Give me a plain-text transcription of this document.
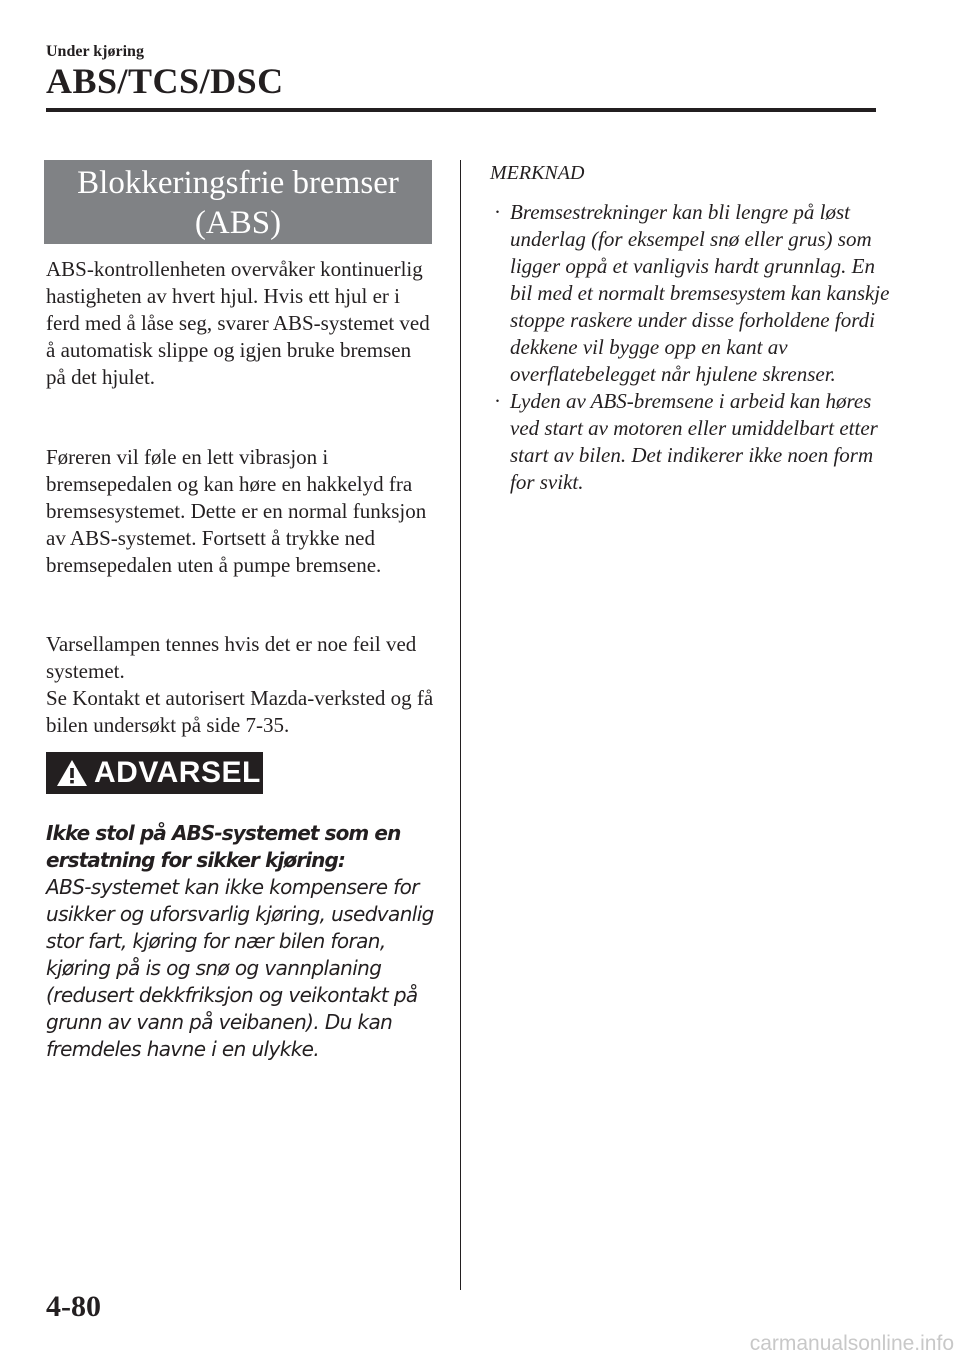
Under kjøring
ABS/TCS/DSC
Blokkeringsfrie bremser
(ABS)
ABS-kontrollenheten overvåker kontinuerlig hastigheten av hvert hjul. Hvis ett hjul er i ferd med å låse seg, svarer ABS-systemet ved å automatisk slippe og igjen bruke bremsen på det hjulet.
Føreren vil føle en lett vibrasjon i bremsepedalen og kan høre en hakkelyd fra bremsesystemet. Dette er en normal funksjon av ABS-systemet. Fortsett å trykke ned bremsepedalen uten å pumpe bremsene.
Varsellampen tennes hvis det er noe feil ved systemet.
Se Kontakt et autorisert Mazda-verksted og få bilen undersøkt på side 7-35.
ADVARSEL
Ikke stol på ABS-systemet som en erstatning for sikker kjøring:
ABS-systemet kan ikke kompensere for usikker og uforsvarlig kjøring, usedvanlig stor fart, kjøring for nær bilen foran, kjøring på is og snø og vannplaning (redusert dekkfriksjon og veikontakt på grunn av vann på veibanen). Du kan fremdeles havne i en ulykke.
MERKNAD
· Bremsestrekninger kan bli lengre på løst underlag (for eksempel snø eller grus) som ligger oppå et vanligvis hardt grunnlag. En bil med et normalt bremsesystem kan kanskje stoppe raskere under disse forholdene fordi dekkene vil bygge opp en kant av overflatebelegget når hjulene skrenser.
· Lyden av ABS-bremsene i arbeid kan høres ved start av motoren eller umiddelbart etter start av bilen. Det indikerer ikke noen form for svikt.
4-80
carmanualsonline.info
